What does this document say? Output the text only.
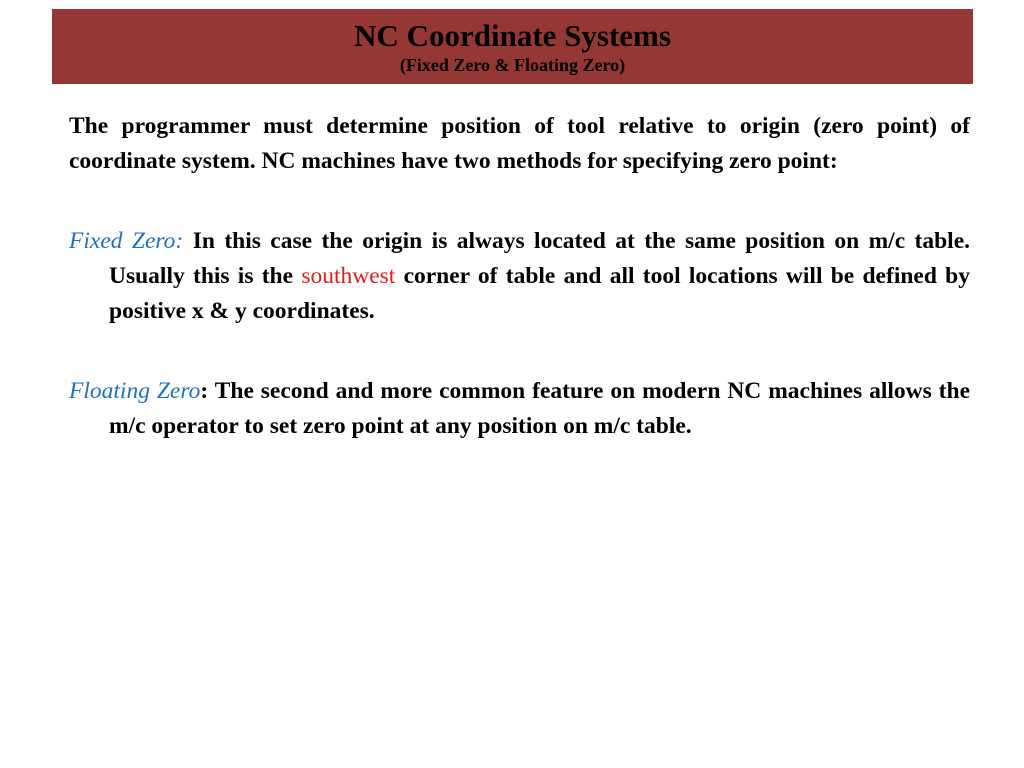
NC Coordinate Systems
(Fixed Zero & Floating Zero)

The programmer must determine position of tool relative to origin (zero point) of coordinate system. NC machines have two methods for specifying zero point:

Fixed Zero: In this case the origin is always located at the same position on m/c table. Usually this is the southwest corner of table and all tool locations will be defined by positive x & y coordinates.

Floating Zero: The second and more common feature on modern NC machines allows the m/c operator to set zero point at any position on m/c table.
